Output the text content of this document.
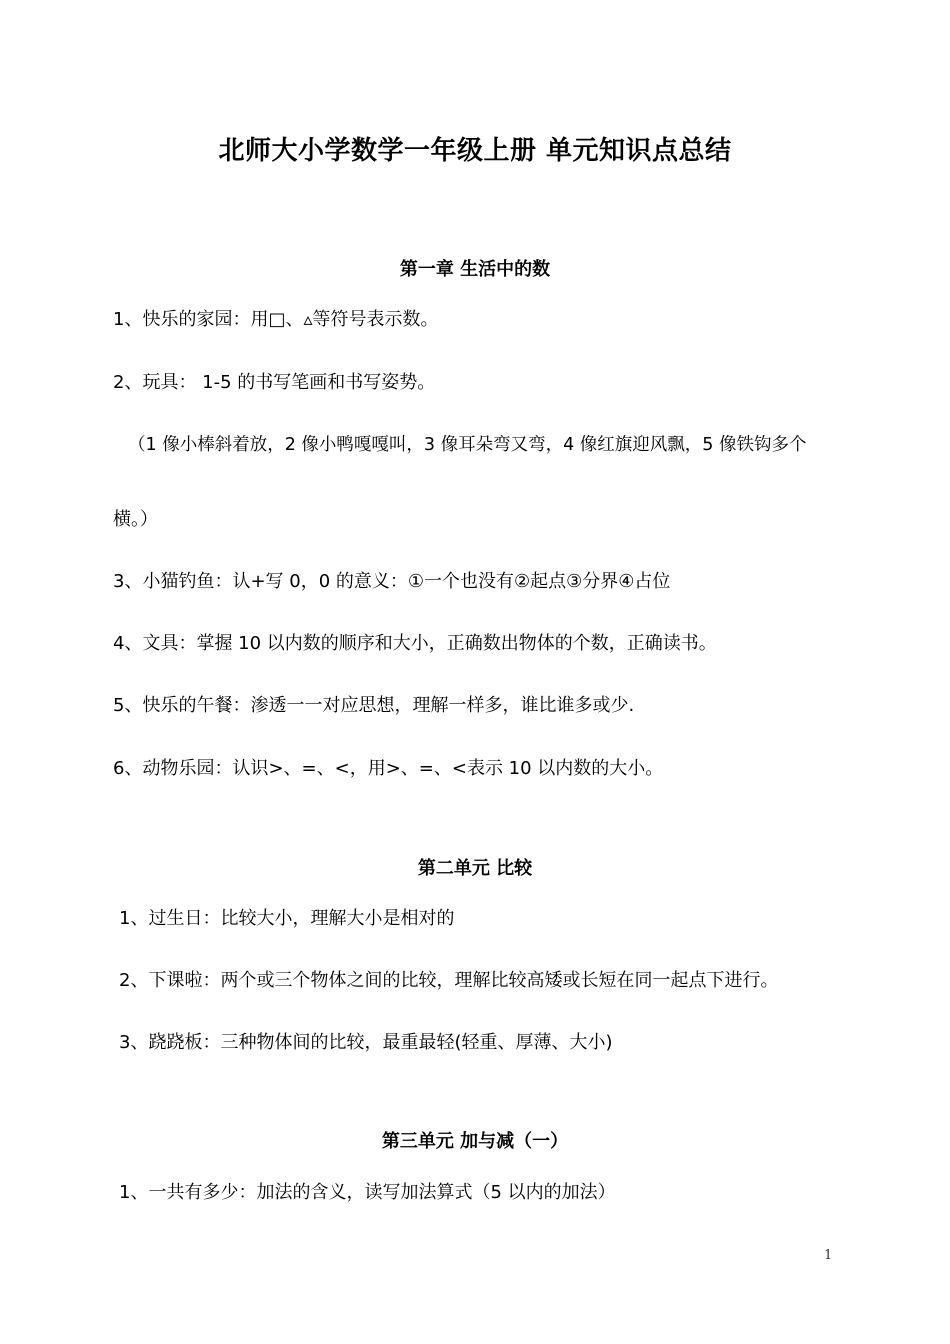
北师大小学数学一年级上册 单元知识点总结
第一章 生活中的数
1、快乐的家园：用□、▵等符号表示数。
2、玩具： 1-5 的书写笔画和书写姿势。
（1 像小棒斜着放，2 像小鸭嘎嘎叫，3 像耳朵弯又弯，4 像红旗迎风飘，5 像铁钩多个
横。）
3、小猫钓鱼：认+写 0，0 的意义：①一个也没有②起点③分界④占位
4、文具：掌握 10 以内数的顺序和大小，正确数出物体的个数，正确读书。
5、快乐的午餐：渗透一一对应思想，理解一样多，谁比谁多或少.
6、动物乐园：认识>、=、<，用>、=、<表示 10 以内数的大小。
第二单元 比较
1、过生日：比较大小，理解大小是相对的
2、下课啦：两个或三个物体之间的比较，理解比较高矮或长短在同一起点下进行。
3、跷跷板：三种物体间的比较，最重最轻(轻重、厚薄、大小)
第三单元 加与减（一）
1、一共有多少：加法的含义，读写加法算式（5 以内的加法）
1
